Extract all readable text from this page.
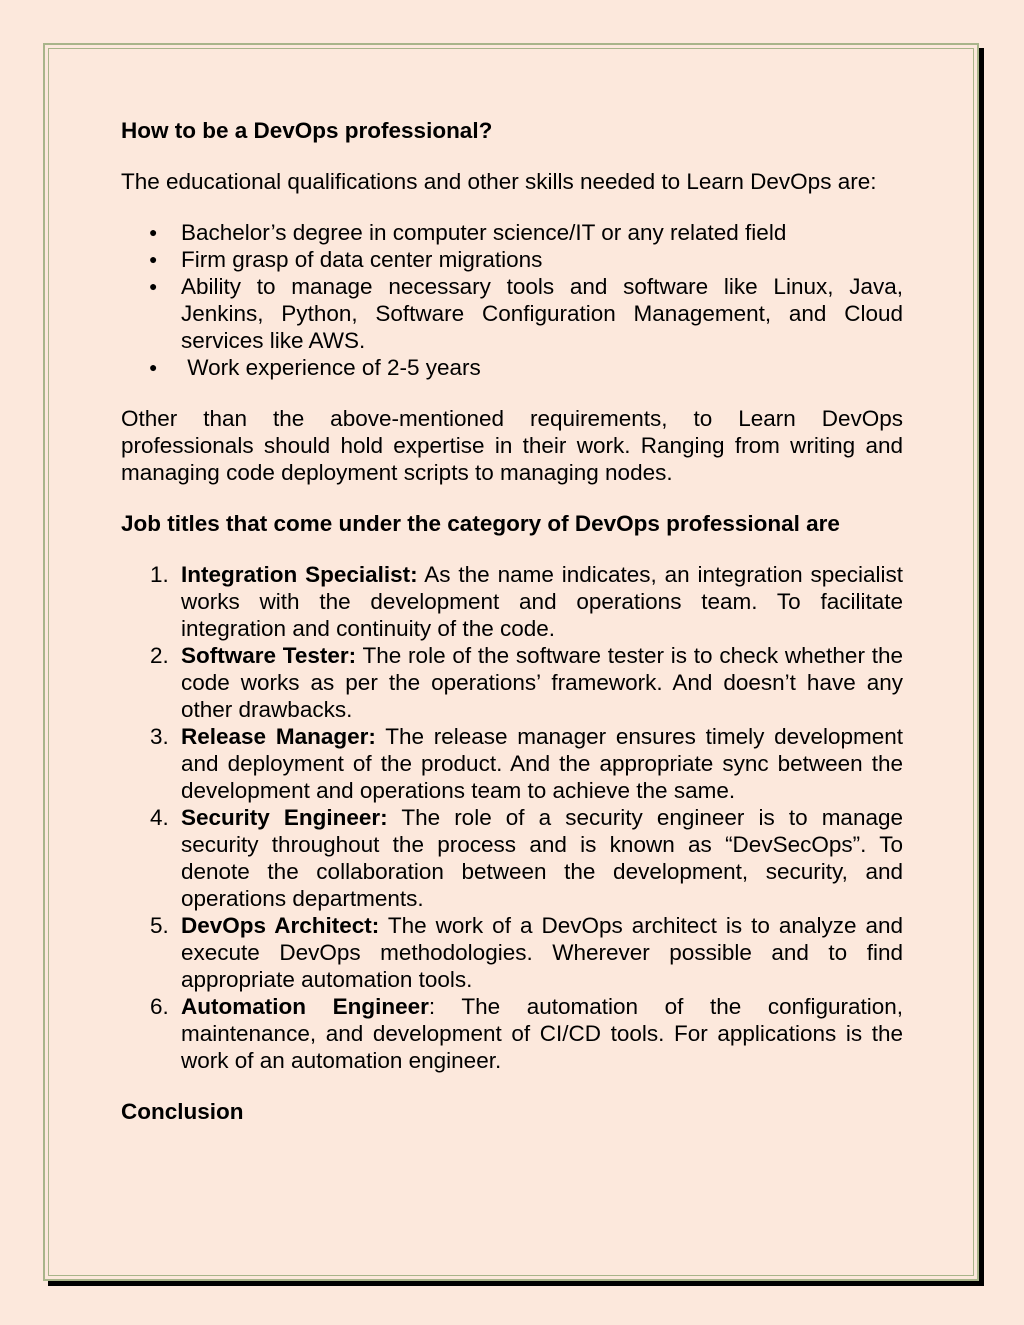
How to be a DevOps professional?

The educational qualifications and other skills needed to Learn DevOps are:

● Bachelor’s degree in computer science/IT or any related field
● Firm grasp of data center migrations
● Ability to manage necessary tools and software like Linux, Java, Jenkins, Python, Software Configuration Management, and Cloud services like AWS.
● Work experience of 2-5 years

Other than the above-mentioned requirements, to Learn DevOps professionals should hold expertise in their work. Ranging from writing and managing code deployment scripts to managing nodes.

Job titles that come under the category of DevOps professional are

1. Integration Specialist: As the name indicates, an integration specialist works with the development and operations team. To facilitate integration and continuity of the code.
2. Software Tester: The role of the software tester is to check whether the code works as per the operations’ framework. And doesn’t have any other drawbacks.
3. Release Manager: The release manager ensures timely development and deployment of the product. And the appropriate sync between the development and operations team to achieve the same.
4. Security Engineer: The role of a security engineer is to manage security throughout the process and is known as “DevSecOps”. To denote the collaboration between the development, security, and operations departments.
5. DevOps Architect: The work of a DevOps architect is to analyze and execute DevOps methodologies. Wherever possible and to find appropriate automation tools.
6. Automation Engineer: The automation of the configuration, maintenance, and development of CI/CD tools. For applications is the work of an automation engineer.

Conclusion
